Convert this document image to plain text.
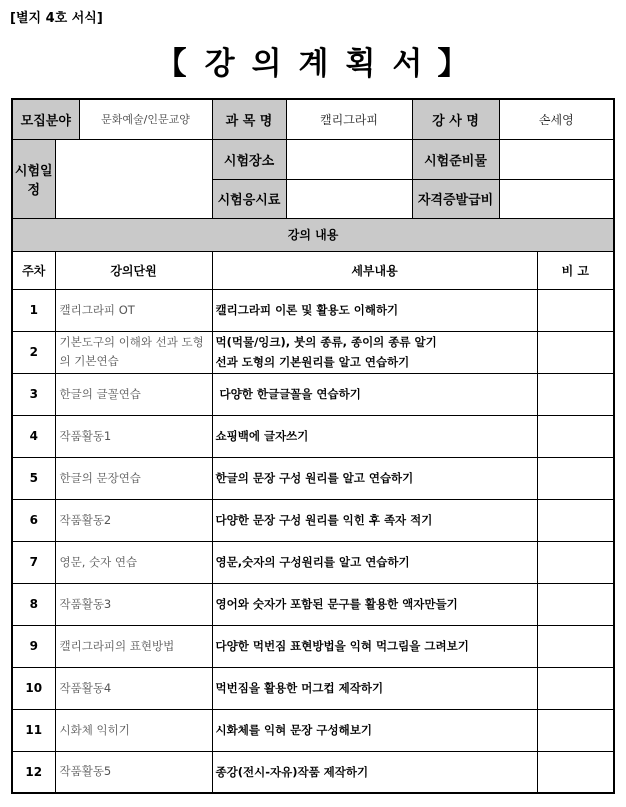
[별지 4호 서식]
【 강의계획서】
모집분야		문화예술/인문교양	과 목 명	캘리그라피	강 사 명	손세영	
시험일정			시험장소		시험준비물		
			시험응시료		자격증발급비		
강의 내용							
주차	강의단원		세부내용				비 고
1	캘리그라피 OT		캘리그라피 이론 및 활용도 이해하기				
2	기본도구의 이해와 선과 도형의 기본연습		먹(먹물/잉크), 붓의 종류, 종이의 종류 알기
선과 도형의 기본원리를 알고 연습하기				
3	한글의 글꼴연습		다양한 한글글꼴을 연습하기				
4	작품활동1		쇼핑백에 글자쓰기				
5	한글의 문장연습		한글의 문장 구성 원리를 알고 연습하기				
6	작품활동2		다양한 문장 구성 원리를 익힌 후 족자 적기				
7	영문, 숫자 연습		영문,숫자의 구성원리를 알고 연습하기				
8	작품활동3		영어와 숫자가 포함된 문구를 활용한 액자만들기				
9	캘리그라피의 표현방법		다양한 먹번짐 표현방법을 익혀 먹그림을 그려보기				
10	작품활동4		먹번짐을 활용한 머그컵 제작하기				
11	시화체 익히기		시화체를 익혀 문장 구성해보기				
12	작품활동5		종강(전시-자유)작품 제작하기				
